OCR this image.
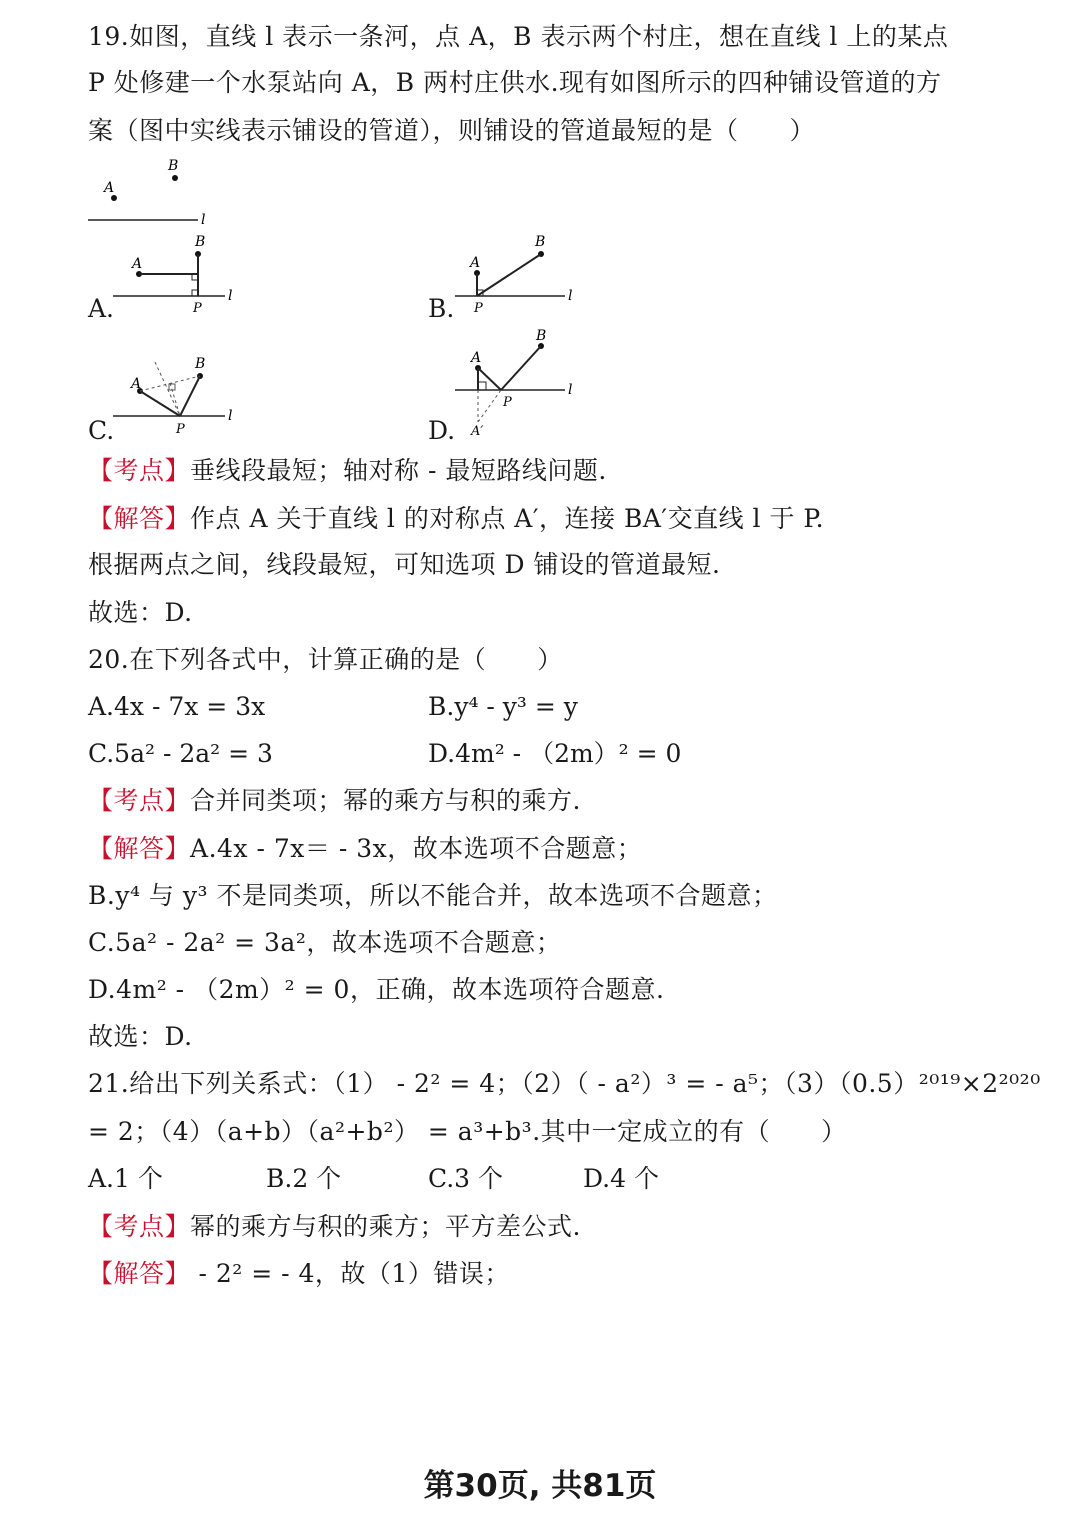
19.如图，直线 l 表示一条河，点 A，B 表示两个村庄，想在直线 l 上的某点
P 处修建一个水泵站向 A，B 两村庄供水.现有如图所示的四种铺设管道的方
案（图中实线表示铺设的管道），则铺设的管道最短的是（　　）
A
B
l
l
A
B
P
l
A
B
P
l
A
B
P
l
A
B
P
A′
A.	B.
C.	D.
【考点】垂线段最短；轴对称 - 最短路线问题.
【解答】作点 A 关于直线 l 的对称点 A′，连接 BA′交直线 l 于 P.
根据两点之间，线段最短，可知选项 D 铺设的管道最短.
故选：D.
20.在下列各式中，计算正确的是（　　）
A.4x - 7x = 3x	B.y⁴ - y³ = y
C.5a² - 2a² = 3	D.4m² - （2m）² = 0
【考点】合并同类项；幂的乘方与积的乘方.
【解答】A.4x - 7x＝ - 3x，故本选项不合题意；
B.y⁴ 与 y³ 不是同类项，所以不能合并，故本选项不合题意；
C.5a² - 2a² = 3a²，故本选项不合题意；
D.4m² - （2m）² = 0，正确，故本选项符合题意.
故选：D.
21.给出下列关系式：（1） - 2² = 4；（2）（ - a²）³ = - a⁵；（3）（0.5）²⁰¹⁹×2²⁰²⁰
= 2；（4）（a+b）（a²+b²） = a³+b³.其中一定成立的有（　　）
A.1 个	B.2 个	C.3 个	D.4 个
【考点】幂的乘方与积的乘方；平方差公式.
【解答】 - 2² = - 4，故（1）错误；
第30页, 共81页
